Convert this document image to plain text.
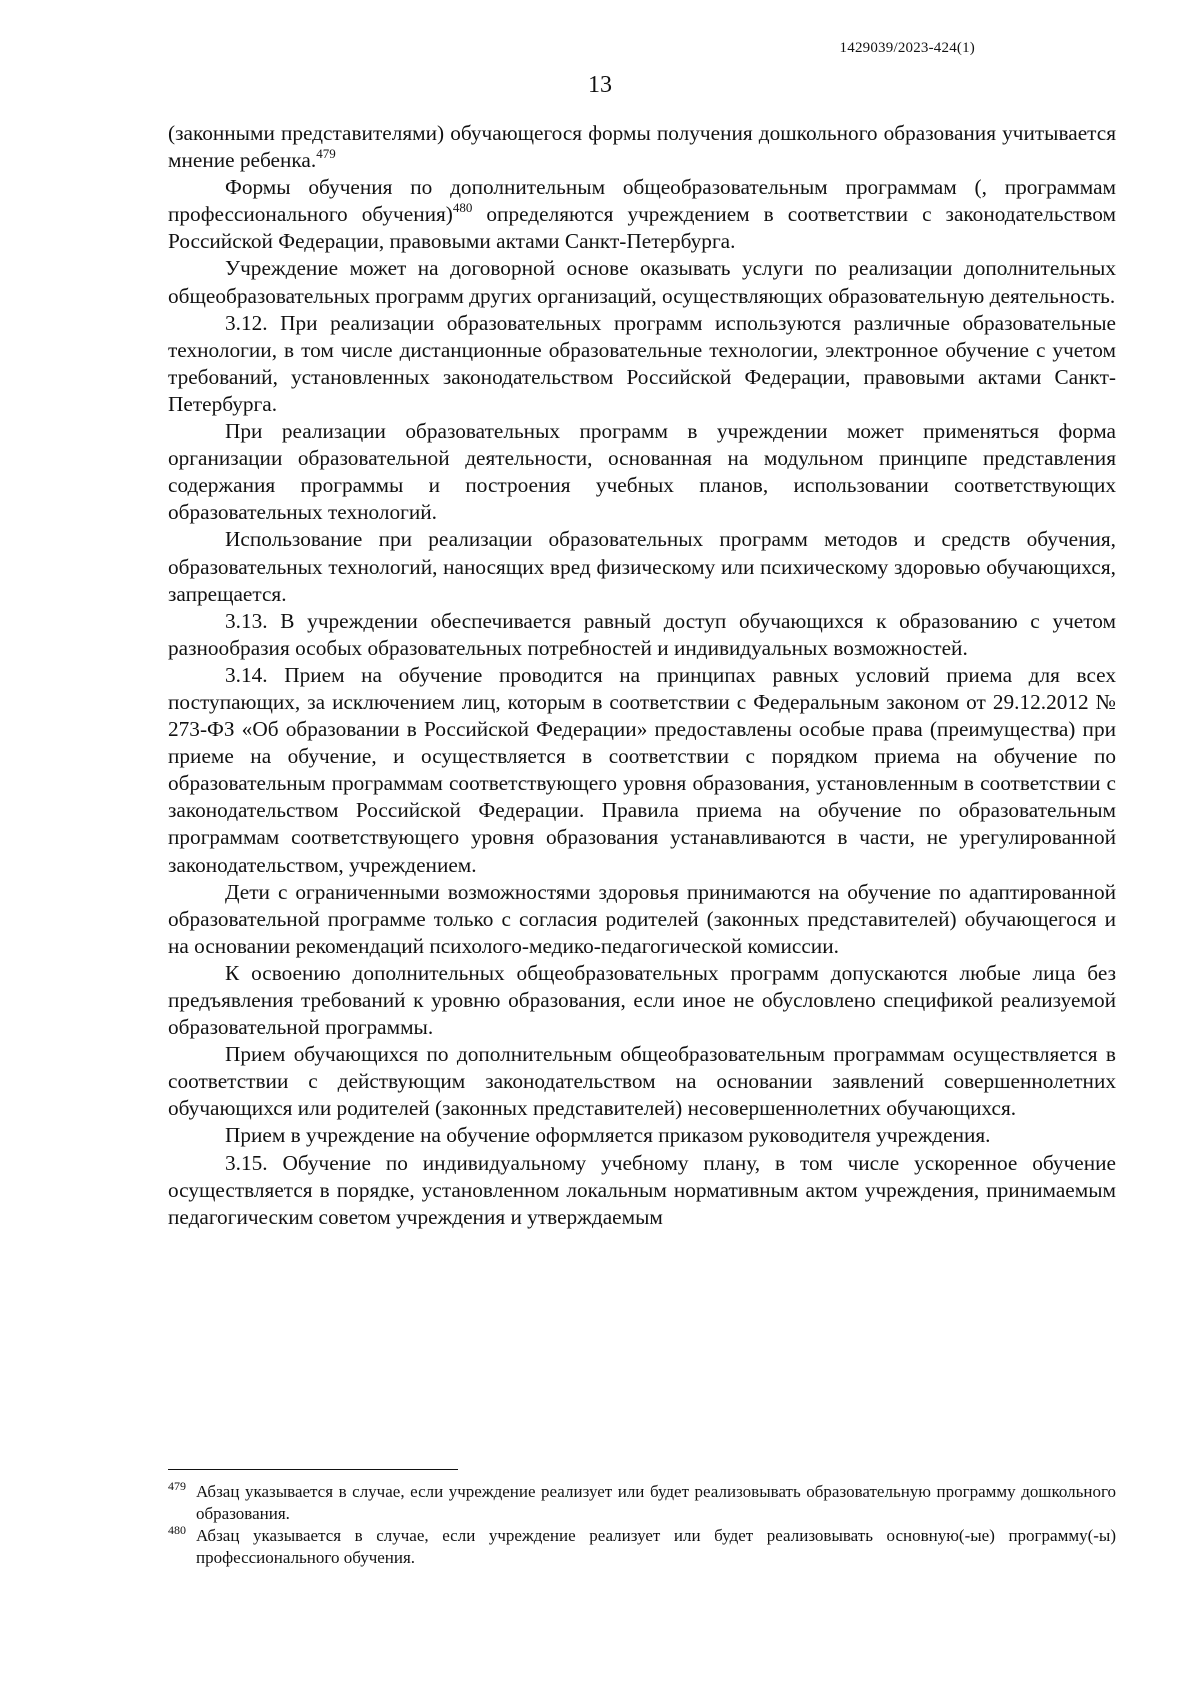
1429039/2023-424(1)
13

(законными представителями) обучающегося формы получения дошкольного образования учитывается мнение ребенка.$^{479}$

Формы обучения по дополнительным общеобразовательным программам (, программам профессионального обучения)$^{480}$ определяются учреждением в соответствии с законодательством Российской Федерации, правовыми актами Санкт-Петербурга.

Учреждение может на договорной основе оказывать услуги по реализации дополнительных общеобразовательных программ других организаций, осуществляющих образовательную деятельность.

3.12. При реализации образовательных программ используются различные образовательные технологии, в том числе дистанционные образовательные технологии, электронное обучение с учетом требований, установленных законодательством Российской Федерации, правовыми актами Санкт-Петербурга.

При реализации образовательных программ в учреждении может применяться форма организации образовательной деятельности, основанная на модульном принципе представления содержания программы и построения учебных планов, использовании соответствующих образовательных технологий.

Использование при реализации образовательных программ методов и средств обучения, образовательных технологий, наносящих вред физическому или психическому здоровью обучающихся, запрещается.

3.13. В учреждении обеспечивается равный доступ обучающихся к образованию с учетом разнообразия особых образовательных потребностей и индивидуальных возможностей.

3.14. Прием на обучение проводится на принципах равных условий приема для всех поступающих, за исключением лиц, которым в соответствии с Федеральным законом от 29.12.2012 № 273-ФЗ «Об образовании в Российской Федерации» предоставлены особые права (преимущества) при приеме на обучение, и осуществляется в соответствии с порядком приема на обучение по образовательным программам соответствующего уровня образования, установленным в соответствии с законодательством Российской Федерации. Правила приема на обучение по образовательным программам соответствующего уровня образования устанавливаются в части, не урегулированной законодательством, учреждением.

Дети с ограниченными возможностями здоровья принимаются на обучение по адаптированной образовательной программе только с согласия родителей (законных представителей) обучающегося и на основании рекомендаций психолого-медико-педагогической комиссии.

К освоению дополнительных общеобразовательных программ допускаются любые лица без предъявления требований к уровню образования, если иное не обусловлено спецификой реализуемой образовательной программы.

Прием обучающихся по дополнительным общеобразовательным программам осуществляется в соответствии с действующим законодательством на основании заявлений совершеннолетних обучающихся или родителей (законных представителей) несовершеннолетних обучающихся.

Прием в учреждение на обучение оформляется приказом руководителя учреждения.

3.15. Обучение по индивидуальному учебному плану, в том числе ускоренное обучение осуществляется в порядке, установленном локальным нормативным актом учреждения, принимаемым педагогическим советом учреждения и утверждаемым

479 Абзац указывается в случае, если учреждение реализует или будет реализовывать образовательную программу дошкольного образования.

480 Абзац указывается в случае, если учреждение реализует или будет реализовывать основную(-ые) программу(-ы) профессионального обучения.
